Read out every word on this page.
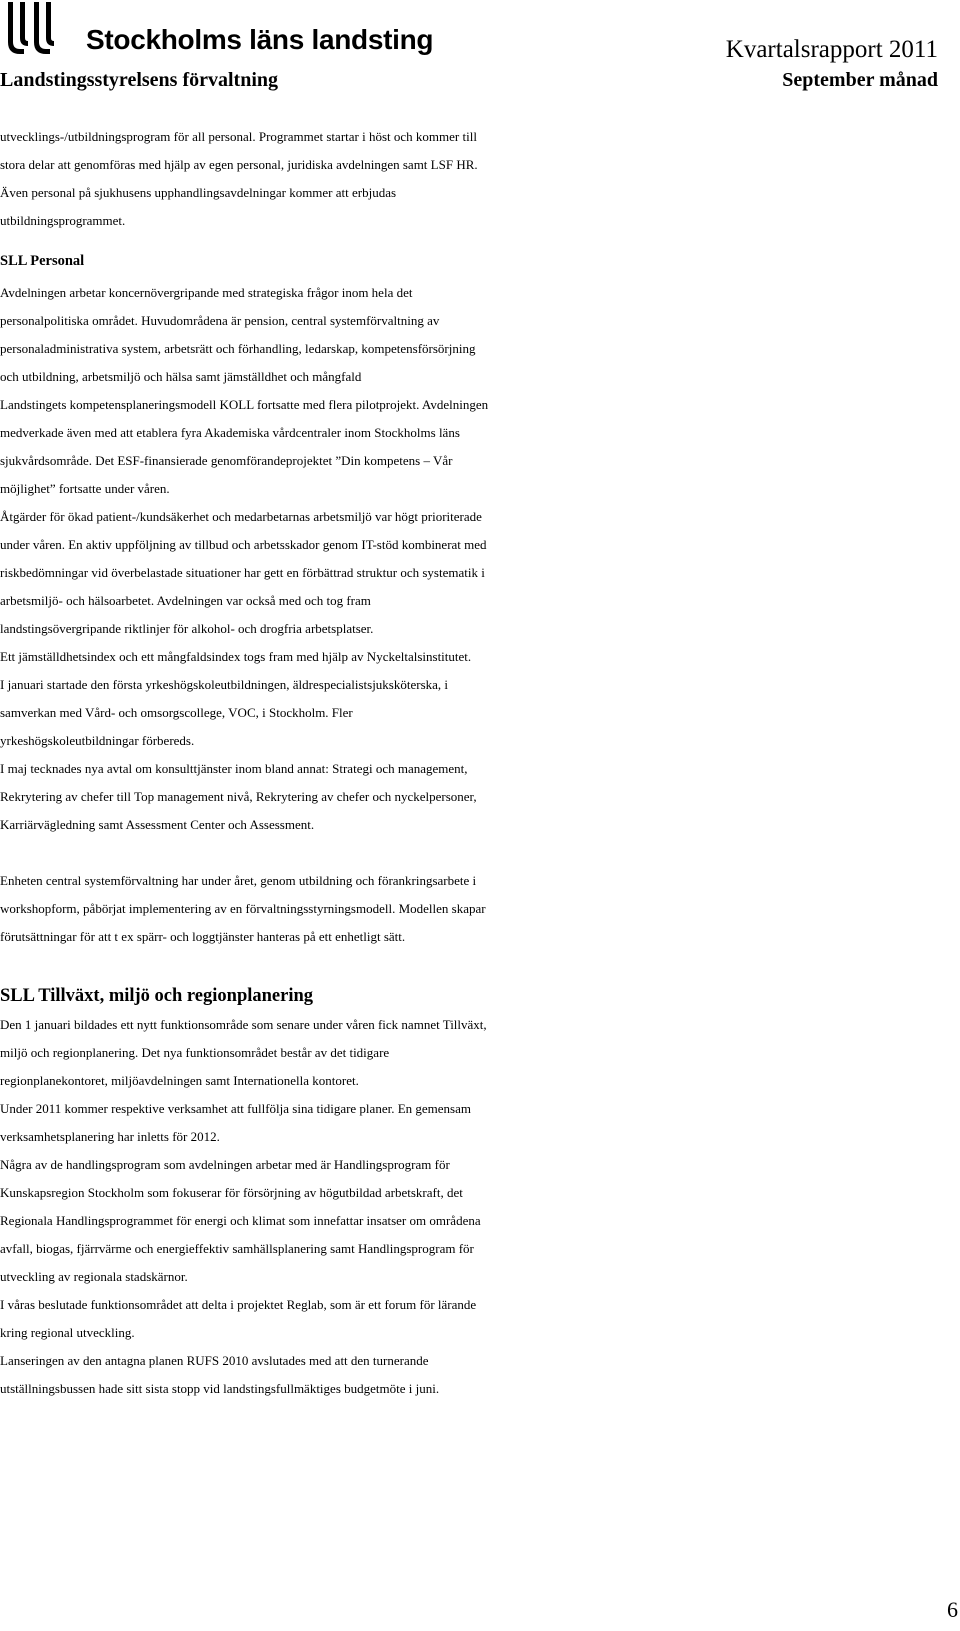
Stockholms läns landsting
Landstingsstyrelsens förvaltning
Kvartalsrapport 2011
September månad
utvecklings-/utbildningsprogram för all personal. Programmet startar i höst och kommer till
stora delar att genomföras med hjälp av egen personal, juridiska avdelningen samt LSF HR.
Även personal på sjukhusens upphandlingsavdelningar kommer att erbjudas
utbildningsprogrammet.
SLL Personal
Avdelningen arbetar koncernövergripande med strategiska frågor inom hela det
personalpolitiska området. Huvudområdena är pension, central systemförvaltning av
personaladministrativa system, arbetsrätt och förhandling, ledarskap, kompetensförsörjning
och utbildning, arbetsmiljö och hälsa samt jämställdhet och mångfald
Landstingets kompetensplaneringsmodell KOLL fortsatte med flera pilotprojekt. Avdelningen
medverkade även med att etablera fyra Akademiska vårdcentraler inom Stockholms läns
sjukvårdsområde. Det ESF-finansierade genomförandeprojektet ”Din kompetens – Vår
möjlighet” fortsatte under våren.
Åtgärder för ökad patient-/kundsäkerhet och medarbetarnas arbetsmiljö var högt prioriterade
under våren. En aktiv uppföljning av tillbud och arbetsskador genom IT-stöd kombinerat med
riskbedömningar vid överbelastade situationer har gett en förbättrad struktur och systematik i
arbetsmiljö- och hälsoarbetet. Avdelningen var också med och tog fram
landstingsövergripande riktlinjer för alkohol- och drogfria arbetsplatser.
Ett jämställdhetsindex och ett mångfaldsindex togs fram med hjälp av Nyckeltalsinstitutet.
I januari startade den första yrkeshögskoleutbildningen, äldrespecialistsjuksköterska, i
samverkan med Vård- och omsorgscollege, VOC, i Stockholm. Fler
yrkeshögskoleutbildningar förbereds.
I maj tecknades nya avtal om konsulttjänster inom bland annat: Strategi och management,
Rekrytering av chefer till Top management nivå, Rekrytering av chefer och nyckelpersoner,
Karriärvägledning samt Assessment Center och Assessment.
Enheten central systemförvaltning har under året, genom utbildning och förankringsarbete i
workshopform, påbörjat implementering av en förvaltningsstyrningsmodell. Modellen skapar
förutsättningar för att t ex spärr- och loggtjänster hanteras på ett enhetligt sätt.
SLL Tillväxt, miljö och regionplanering
Den 1 januari bildades ett nytt funktionsområde som senare under våren fick namnet Tillväxt,
miljö och regionplanering. Det nya funktionsområdet består av det tidigare
regionplanekontoret, miljöavdelningen samt Internationella kontoret.
Under 2011 kommer respektive verksamhet att fullfölja sina tidigare planer. En gemensam
verksamhetsplanering har inletts för 2012.
Några av de handlingsprogram som avdelningen arbetar med är Handlingsprogram för
Kunskapsregion Stockholm som fokuserar för försörjning av högutbildad arbetskraft, det
Regionala Handlingsprogrammet för energi och klimat som innefattar insatser om områdena
avfall, biogas, fjärrvärme och energieffektiv samhällsplanering samt Handlingsprogram för
utveckling av regionala stadskärnor.
I våras beslutade funktionsområdet att delta i projektet Reglab, som är ett forum för lärande
kring regional utveckling.
Lanseringen av den antagna planen RUFS 2010 avslutades med att den turnerande
utställningsbussen hade sitt sista stopp vid landstingsfullmäktiges budgetmöte i juni.
6
